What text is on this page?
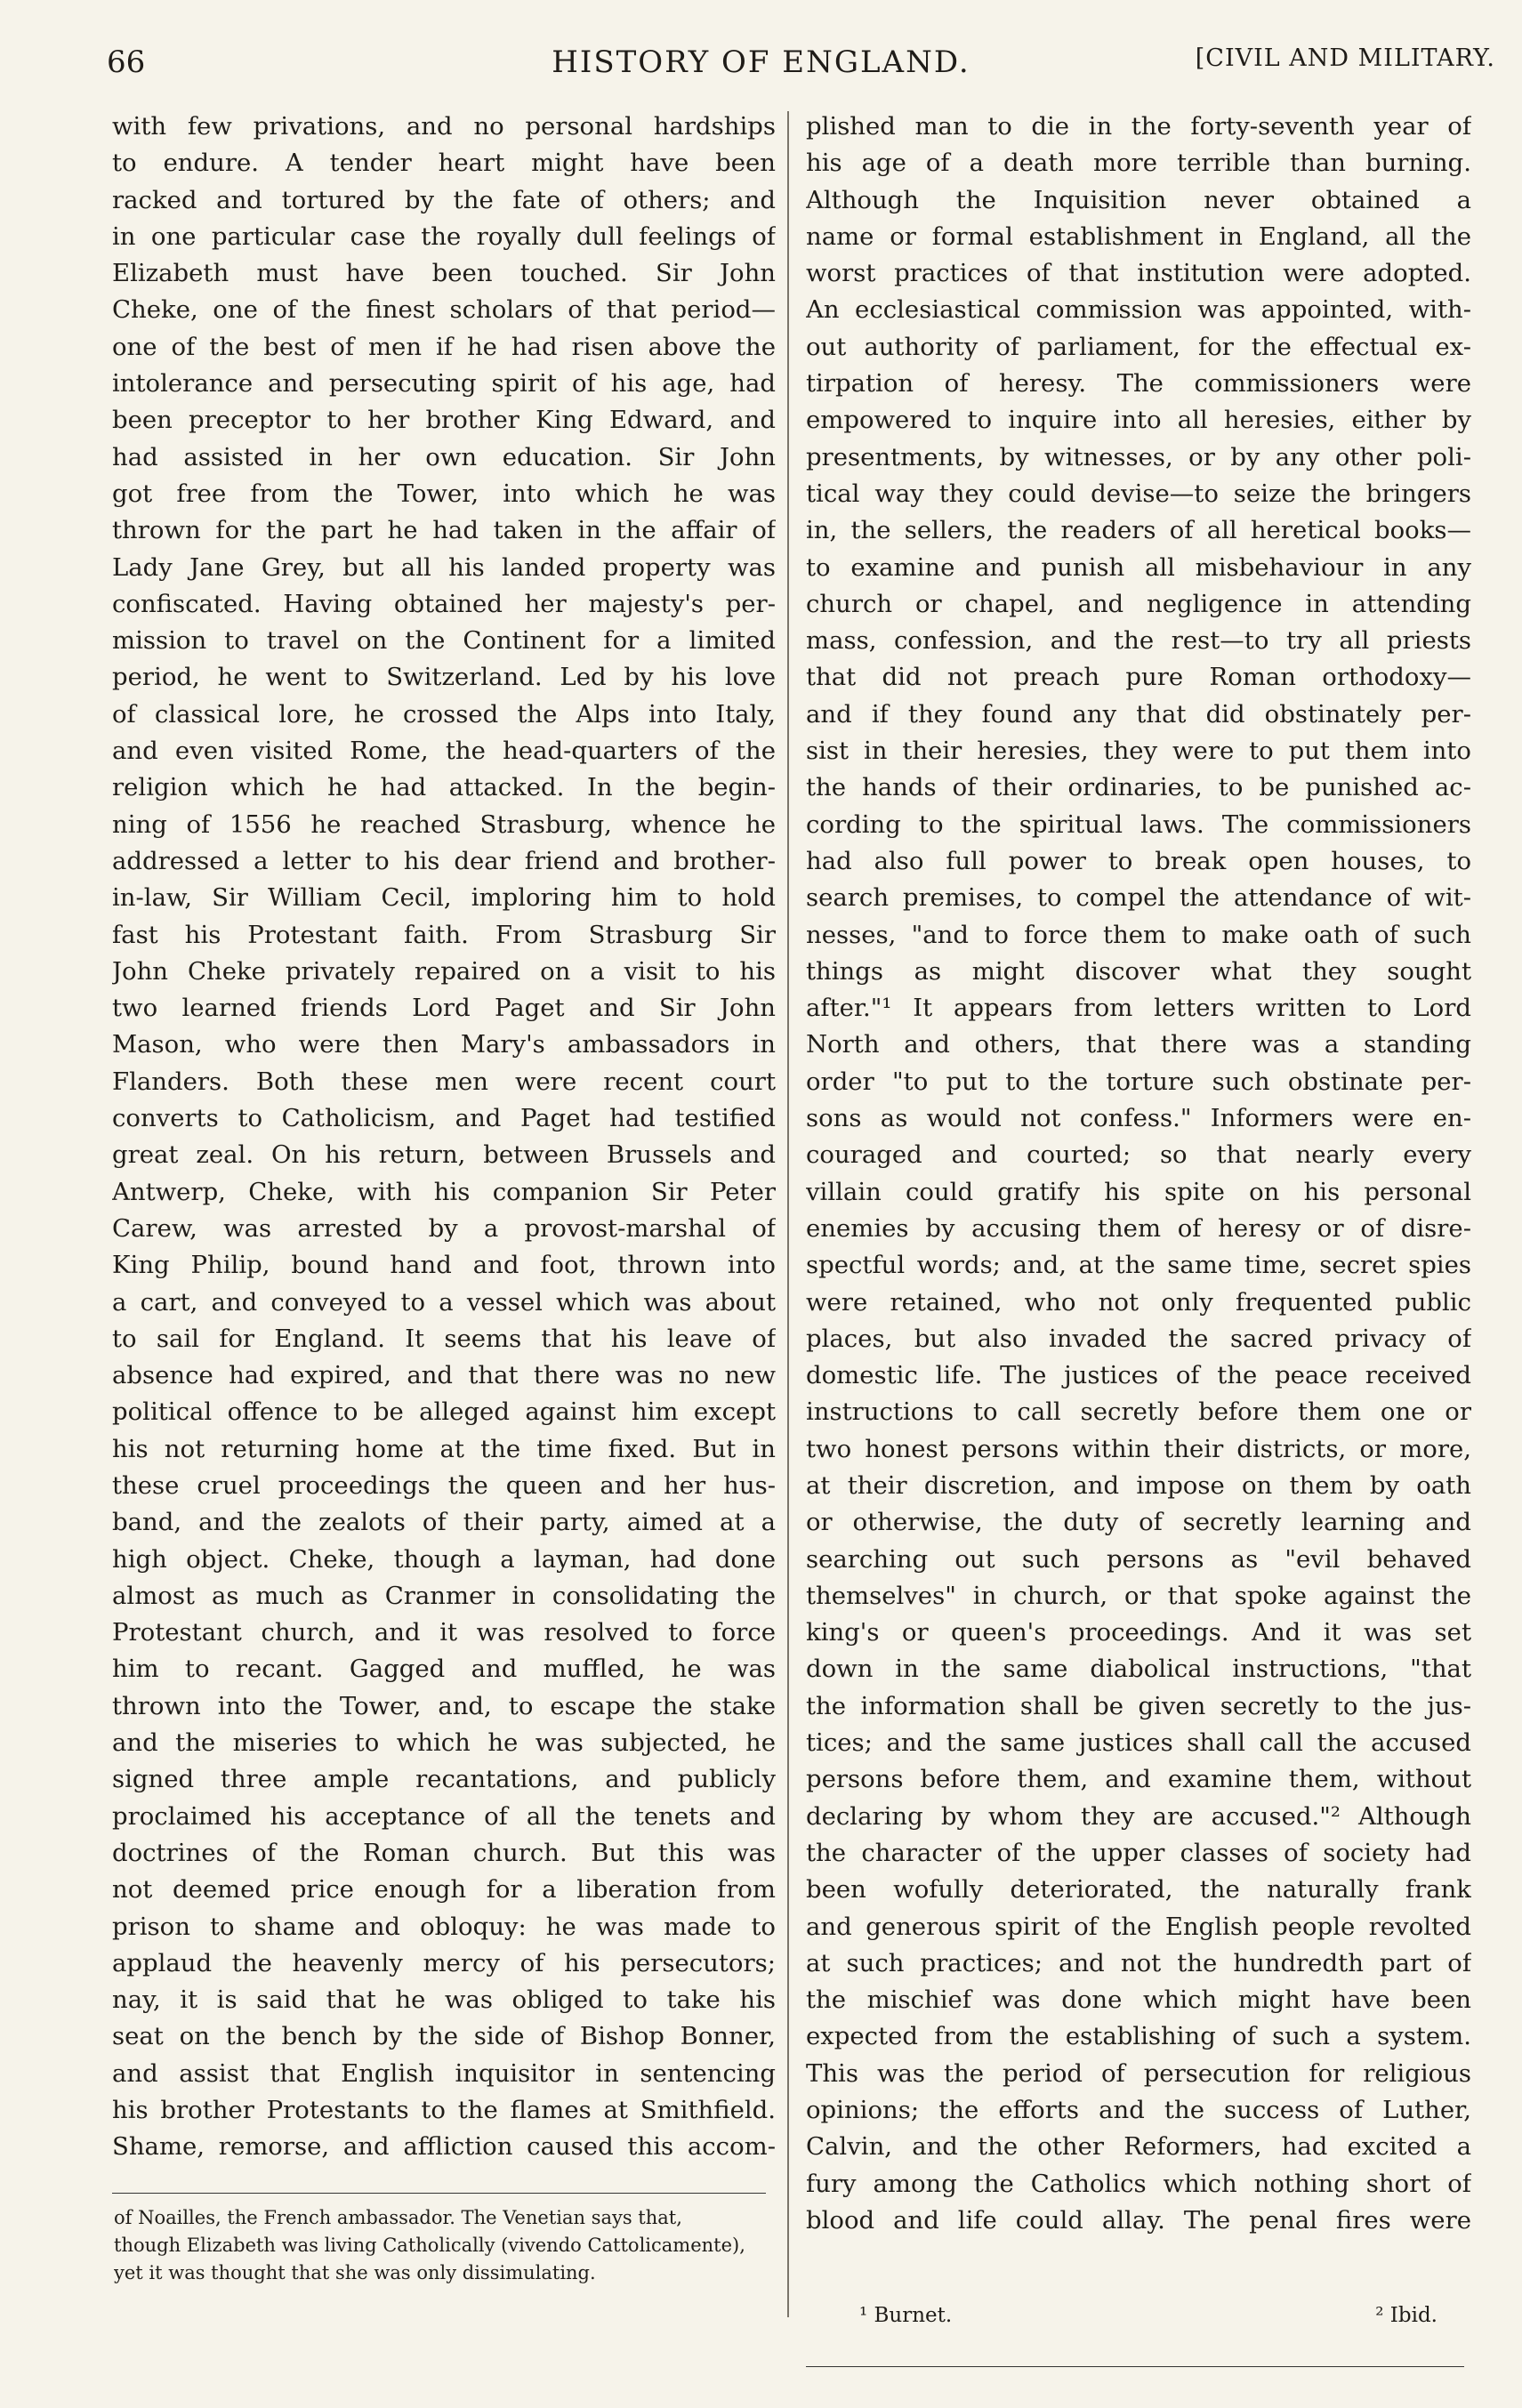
66	HISTORY OF ENGLAND.	[CIVIL AND MILITARY.
with few privations, and no personal hardships
to endure. A tender heart might have been
racked and tortured by the fate of others; and
in one particular case the royally dull feelings of
Elizabeth must have been touched. Sir John
Cheke, one of the finest scholars of that period—
one of the best of men if he had risen above the
intolerance and persecuting spirit of his age, had
been preceptor to her brother King Edward, and
had assisted in her own education. Sir John
got free from the Tower, into which he was
thrown for the part he had taken in the affair of
Lady Jane Grey, but all his landed property was
confiscated. Having obtained her majesty's per-
mission to travel on the Continent for a limited
period, he went to Switzerland. Led by his love
of classical lore, he crossed the Alps into Italy,
and even visited Rome, the head-quarters of the
religion which he had attacked. In the begin-
ning of 1556 he reached Strasburg, whence he
addressed a letter to his dear friend and brother-
in-law, Sir William Cecil, imploring him to hold
fast his Protestant faith. From Strasburg Sir
John Cheke privately repaired on a visit to his
two learned friends Lord Paget and Sir John
Mason, who were then Mary's ambassadors in
Flanders. Both these men were recent court
converts to Catholicism, and Paget had testified
great zeal. On his return, between Brussels and
Antwerp, Cheke, with his companion Sir Peter
Carew, was arrested by a provost-marshal of
King Philip, bound hand and foot, thrown into
a cart, and conveyed to a vessel which was about
to sail for England. It seems that his leave of
absence had expired, and that there was no new
political offence to be alleged against him except
his not returning home at the time fixed. But in
these cruel proceedings the queen and her hus-
band, and the zealots of their party, aimed at a
high object. Cheke, though a layman, had done
almost as much as Cranmer in consolidating the
Protestant church, and it was resolved to force
him to recant. Gagged and muffled, he was
thrown into the Tower, and, to escape the stake
and the miseries to which he was subjected, he
signed three ample recantations, and publicly
proclaimed his acceptance of all the tenets and
doctrines of the Roman church. But this was
not deemed price enough for a liberation from
prison to shame and obloquy: he was made to
applaud the heavenly mercy of his persecutors;
nay, it is said that he was obliged to take his
seat on the bench by the side of Bishop Bonner,
and assist that English inquisitor in sentencing
his brother Protestants to the flames at Smithfield.
Shame, remorse, and affliction caused this accom-
plished man to die in the forty-seventh year of
his age of a death more terrible than burning.
Although the Inquisition never obtained a
name or formal establishment in England, all the
worst practices of that institution were adopted.
An ecclesiastical commission was appointed, with-
out authority of parliament, for the effectual ex-
tirpation of heresy. The commissioners were
empowered to inquire into all heresies, either by
presentments, by witnesses, or by any other poli-
tical way they could devise—to seize the bringers
in, the sellers, the readers of all heretical books—
to examine and punish all misbehaviour in any
church or chapel, and negligence in attending
mass, confession, and the rest—to try all priests
that did not preach pure Roman orthodoxy—
and if they found any that did obstinately per-
sist in their heresies, they were to put them into
the hands of their ordinaries, to be punished ac-
cording to the spiritual laws. The commissioners
had also full power to break open houses, to
search premises, to compel the attendance of wit-
nesses, "and to force them to make oath of such
things as might discover what they sought
after."¹ It appears from letters written to Lord
North and others, that there was a standing
order "to put to the torture such obstinate per-
sons as would not confess." Informers were en-
couraged and courted; so that nearly every
villain could gratify his spite on his personal
enemies by accusing them of heresy or of disre-
spectful words; and, at the same time, secret spies
were retained, who not only frequented public
places, but also invaded the sacred privacy of
domestic life. The justices of the peace received
instructions to call secretly before them one or
two honest persons within their districts, or more,
at their discretion, and impose on them by oath
or otherwise, the duty of secretly learning and
searching out such persons as "evil behaved
themselves" in church, or that spoke against the
king's or queen's proceedings. And it was set
down in the same diabolical instructions, "that
the information shall be given secretly to the jus-
tices; and the same justices shall call the accused
persons before them, and examine them, without
declaring by whom they are accused."² Although
the character of the upper classes of society had
been wofully deteriorated, the naturally frank
and generous spirit of the English people revolted
at such practices; and not the hundredth part of
the mischief was done which might have been
expected from the establishing of such a system.
This was the period of persecution for religious
opinions; the efforts and the success of Luther,
Calvin, and the other Reformers, had excited a
fury among the Catholics which nothing short of
blood and life could allay. The penal fires were
of Noailles, the French ambassador. The Venetian says that,
though Elizabeth was living Catholically (vivendo Cattolicamente),
yet it was thought that she was only dissimulating.
¹ Burnet.	² Ibid.
